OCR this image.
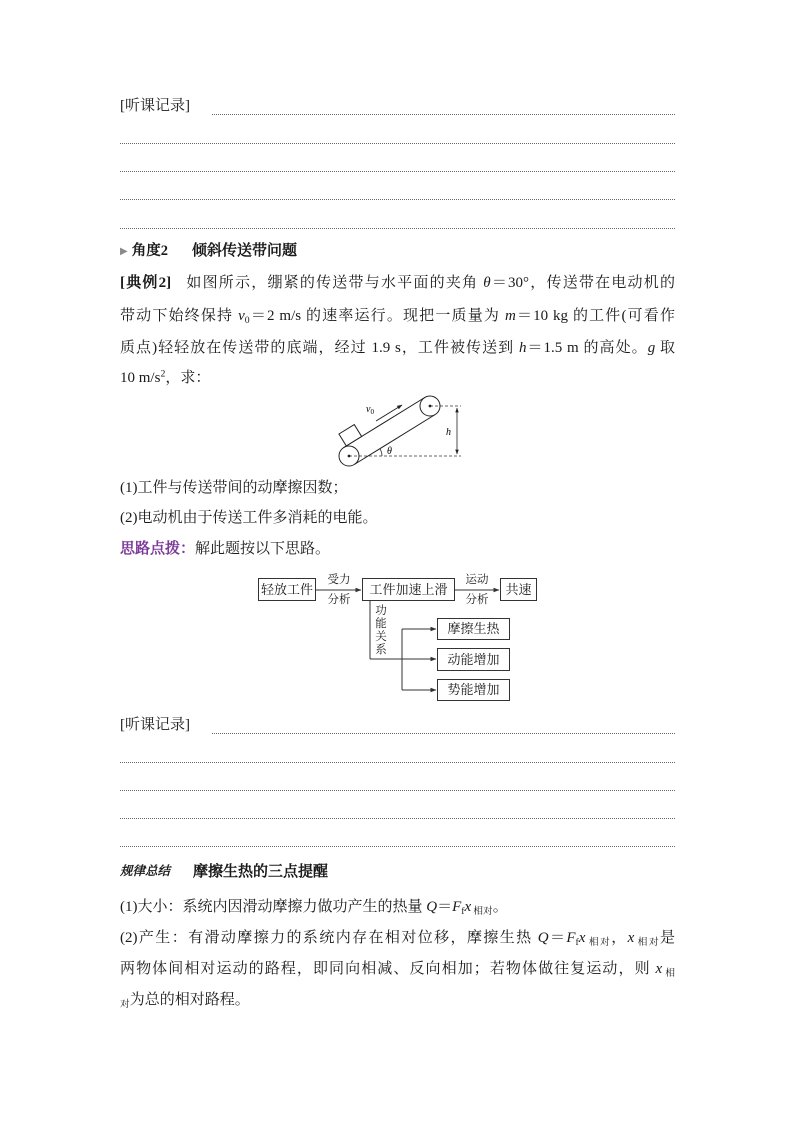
[听课记录]
▶ 角度2 倾斜传送带问题
[典例2] 如图所示，绷紧的传送带与水平面的夹角 θ＝30°，传送带在电动机的
带动下始终保持 $v_0=2$ m/s 的速率运行。现把一质量为 m＝10 kg 的工件(可看作
质点)轻轻放在传送带的底端，经过 1.9 s，工件被传送到 h＝1.5 m 的高处。g 取
10 $m/s^2$，求：
$v_0$
h
θ
(1)工件与传送带间的动摩擦因数；
(2)电动机由于传送工件多消耗的电能。
思路点拨：解此题按以下思路。
轻放工件
受力
分析
工件加速上滑
运动
分析
共速
功能关系	摩擦生热
动能增加
势能增加
[听课记录]
规律总结 摩擦生热的三点提醒
(1)大小：系统内因滑动摩擦力做功产生的热量 $Q=F_fx$ 相对。
(2)产生：有滑动摩擦力的系统内存在相对位移，摩擦生热 $Q=F_fx$ 相对，x 相对是
两物体间相对运动的路程，即同向相减、反向相加；若物体做往复运动，则 x 相
$_对$为总的相对路程。
